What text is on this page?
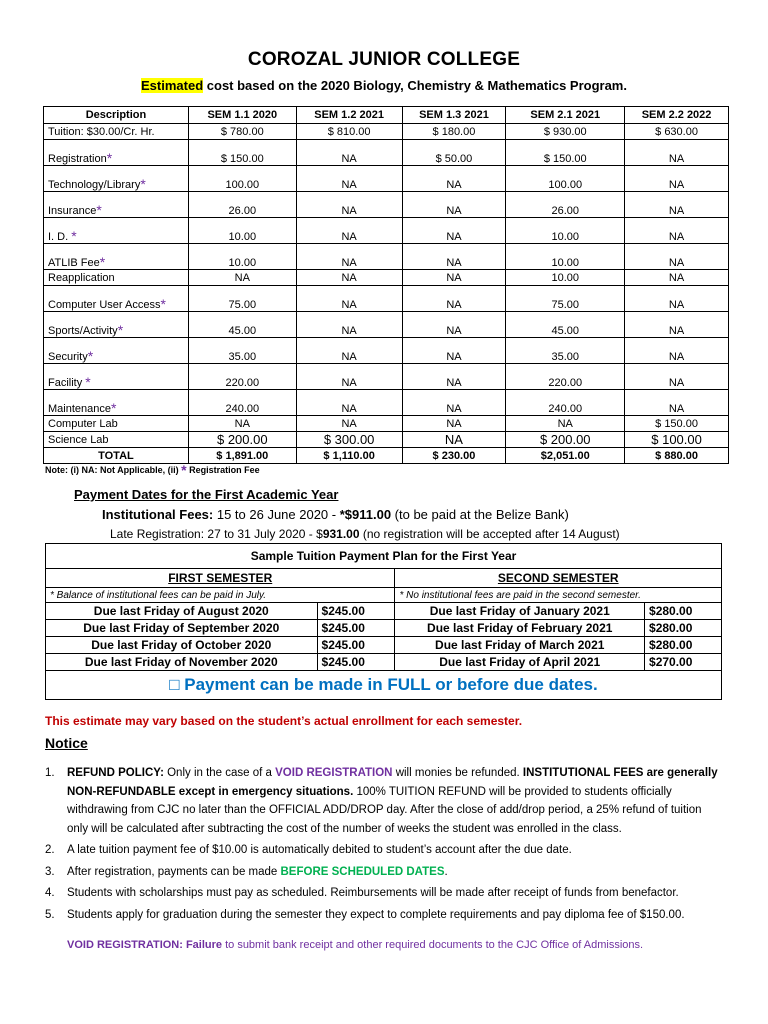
COROZAL JUNIOR COLLEGE
Estimated cost based on the 2020 Biology, Chemistry & Mathematics Program.
Description	SEM 1.1 2020	SEM 1.2 2021	SEM 1.3 2021	SEM 2.1 2021	SEM 2.2 2022
Tuition: $30.00/Cr. Hr.	$ 780.00	$ 810.00	$ 180.00	$ 930.00	$ 630.00
Registration*	$ 150.00	NA	$ 50.00	$ 150.00	NA
Technology/Library*	100.00	NA	NA	100.00	NA
Insurance*	26.00	NA	NA	26.00	NA
I. D. *	10.00	NA	NA	10.00	NA
ATLIB Fee*	10.00	NA	NA	10.00	NA
Reapplication	NA	NA	NA	10.00	NA
Computer User Access*	75.00	NA	NA	75.00	NA
Sports/Activity*	45.00	NA	NA	45.00	NA
Security*	35.00	NA	NA	35.00	NA
Facility *	220.00	NA	NA	220.00	NA
Maintenance*	240.00	NA	NA	240.00	NA
Computer Lab	NA	NA	NA	NA	$ 150.00
Science Lab	$ 200.00	$ 300.00	NA	$ 200.00	$ 100.00
TOTAL	$ 1,891.00	$ 1,110.00	$ 230.00	$2,051.00	$ 880.00
Note: (i) NA: Not Applicable, (ii) * Registration Fee
Payment Dates for the First Academic Year
Institutional Fees: 15 to 26 June 2020 - *$911.00 (to be paid at the Belize Bank)
Late Registration: 27 to 31 July 2020 - $931.00 (no registration will be accepted after 14 August)
Sample Tuition Payment Plan for the First Year			
FIRST SEMESTER		SECOND SEMESTER	
* Balance of institutional fees can be paid in July.		* No institutional fees are paid in the second semester.	
Due last Friday of August 2020	$245.00	Due last Friday of January 2021	$280.00
Due last Friday of September 2020	$245.00	Due last Friday of February 2021	$280.00
Due last Friday of October 2020	$245.00	Due last Friday of March 2021	$280.00
Due last Friday of November 2020	$245.00	Due last Friday of April 2021	$270.00
□ Payment can be made in FULL or before due dates.			
This estimate may vary based on the student’s actual enrollment for each semester.
Notice
1. REFUND POLICY: Only in the case of a VOID REGISTRATION will monies be refunded. INSTITUTIONAL FEES are generally NON-REFUNDABLE except in emergency situations. 100% TUITION REFUND will be provided to students officially withdrawing from CJC no later than the OFFICIAL ADD/DROP day. After the close of add/drop period, a 25% refund of tuition only will be calculated after subtracting the cost of the number of weeks the student was enrolled in the class.
2. A late tuition payment fee of $10.00 is automatically debited to student’s account after the due date.
3. After registration, payments can be made BEFORE SCHEDULED DATES.
4. Students with scholarships must pay as scheduled. Reimbursements will be made after receipt of funds from benefactor.
5. Students apply for graduation during the semester they expect to complete requirements and pay diploma fee of $150.00.
VOID REGISTRATION: Failure to submit bank receipt and other required documents to the CJC Office of Admissions.
